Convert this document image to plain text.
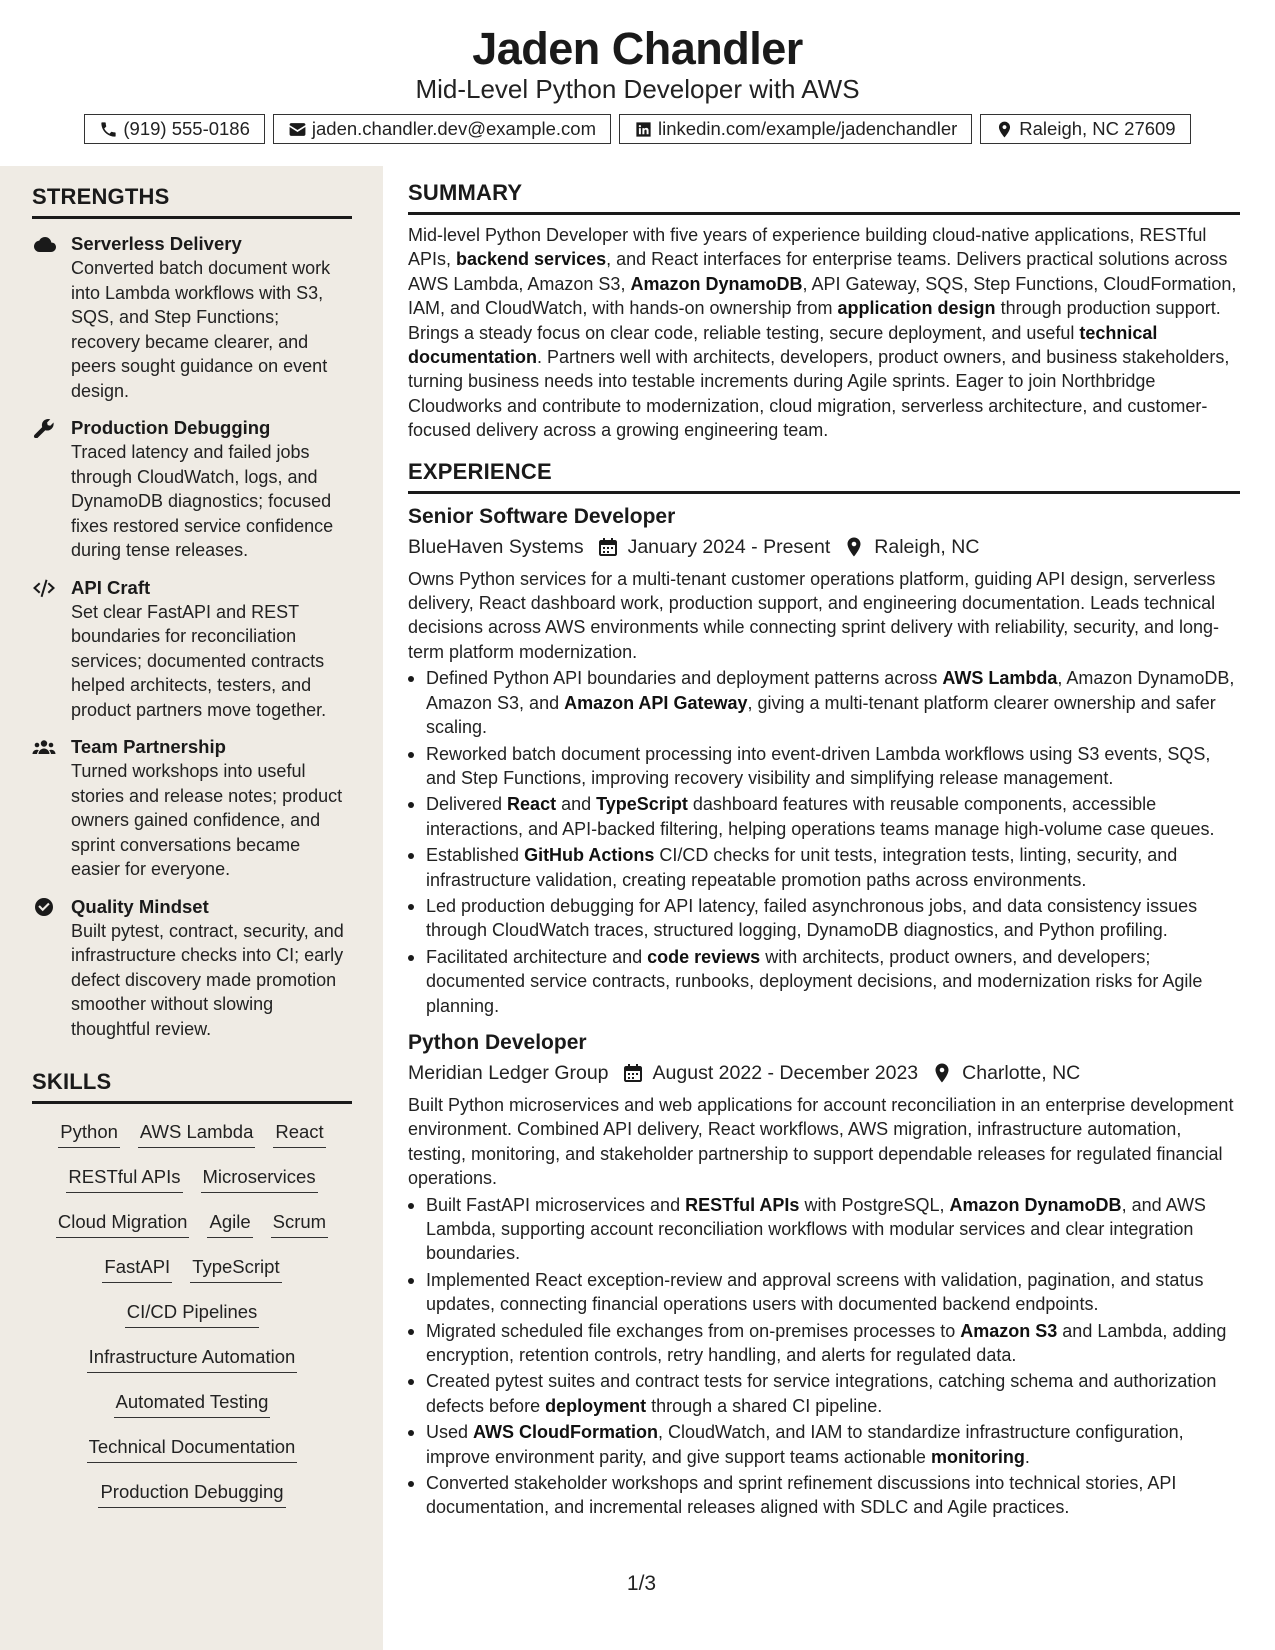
Jaden Chandler
Mid-Level Python Developer with AWS
(919) 555-0186	jaden.chandler.dev@example.com	linkedin.com/example/jadenchandler	Raleigh, NC 27609
STRENGTHS
Serverless Delivery
Converted batch document work into Lambda workflows with S3, SQS, and Step Functions; recovery became clearer, and peers sought guidance on event design.
Production Debugging
Traced latency and failed jobs through CloudWatch, logs, and DynamoDB diagnostics; focused fixes restored service confidence during tense releases.
API Craft
Set clear FastAPI and REST boundaries for reconciliation services; documented contracts helped architects, testers, and product partners move together.
Team Partnership
Turned workshops into useful stories and release notes; product owners gained confidence, and sprint conversations became easier for everyone.
Quality Mindset
Built pytest, contract, security, and infrastructure checks into CI; early defect discovery made promotion smoother without slowing thoughtful review.
SKILLS
Python AWS Lambda React
RESTful APIs Microservices
Cloud Migration Agile Scrum
FastAPI TypeScript
CI/CD Pipelines
Infrastructure Automation
Automated Testing
Technical Documentation
Production Debugging
SUMMARY
Mid-level Python Developer with five years of experience building cloud-native applications, RESTful APIs, backend services, and React interfaces for enterprise teams. Delivers practical solutions across AWS Lambda, Amazon S3, Amazon DynamoDB, API Gateway, SQS, Step Functions, CloudFormation, IAM, and CloudWatch, with hands-on ownership from application design through production support. Brings a steady focus on clear code, reliable testing, secure deployment, and useful technical documentation. Partners well with architects, developers, product owners, and business stakeholders, turning business needs into testable increments during Agile sprints. Eager to join Northbridge Cloudworks and contribute to modernization, cloud migration, serverless architecture, and customer-focused delivery across a growing engineering team.
EXPERIENCE
Senior Software Developer
BlueHaven Systems January 2024 - Present Raleigh, NC
Owns Python services for a multi-tenant customer operations platform, guiding API design, serverless delivery, React dashboard work, production support, and engineering documentation. Leads technical decisions across AWS environments while connecting sprint delivery with reliability, security, and long-term platform modernization.
Defined Python API boundaries and deployment patterns across AWS Lambda, Amazon DynamoDB, Amazon S3, and Amazon API Gateway, giving a multi-tenant platform clearer ownership and safer scaling.
Reworked batch document processing into event-driven Lambda workflows using S3 events, SQS, and Step Functions, improving recovery visibility and simplifying release management.
Delivered React and TypeScript dashboard features with reusable components, accessible interactions, and API-backed filtering, helping operations teams manage high-volume case queues.
Established GitHub Actions CI/CD checks for unit tests, integration tests, linting, security, and infrastructure validation, creating repeatable promotion paths across environments.
Led production debugging for API latency, failed asynchronous jobs, and data consistency issues through CloudWatch traces, structured logging, DynamoDB diagnostics, and Python profiling.
Facilitated architecture and code reviews with architects, product owners, and developers; documented service contracts, runbooks, deployment decisions, and modernization risks for Agile planning.
Python Developer
Meridian Ledger Group August 2022 - December 2023 Charlotte, NC
Built Python microservices and web applications for account reconciliation in an enterprise development environment. Combined API delivery, React workflows, AWS migration, infrastructure automation, testing, monitoring, and stakeholder partnership to support dependable releases for regulated financial operations.
Built FastAPI microservices and RESTful APIs with PostgreSQL, Amazon DynamoDB, and AWS Lambda, supporting account reconciliation workflows with modular services and clear integration boundaries.
Implemented React exception-review and approval screens with validation, pagination, and status updates, connecting financial operations users with documented backend endpoints.
Migrated scheduled file exchanges from on-premises processes to Amazon S3 and Lambda, adding encryption, retention controls, retry handling, and alerts for regulated data.
Created pytest suites and contract tests for service integrations, catching schema and authorization defects before deployment through a shared CI pipeline.
Used AWS CloudFormation, CloudWatch, and IAM to standardize infrastructure configuration, improve environment parity, and give support teams actionable monitoring.
Converted stakeholder workshops and sprint refinement discussions into technical stories, API documentation, and incremental releases aligned with SDLC and Agile practices.
1/3
